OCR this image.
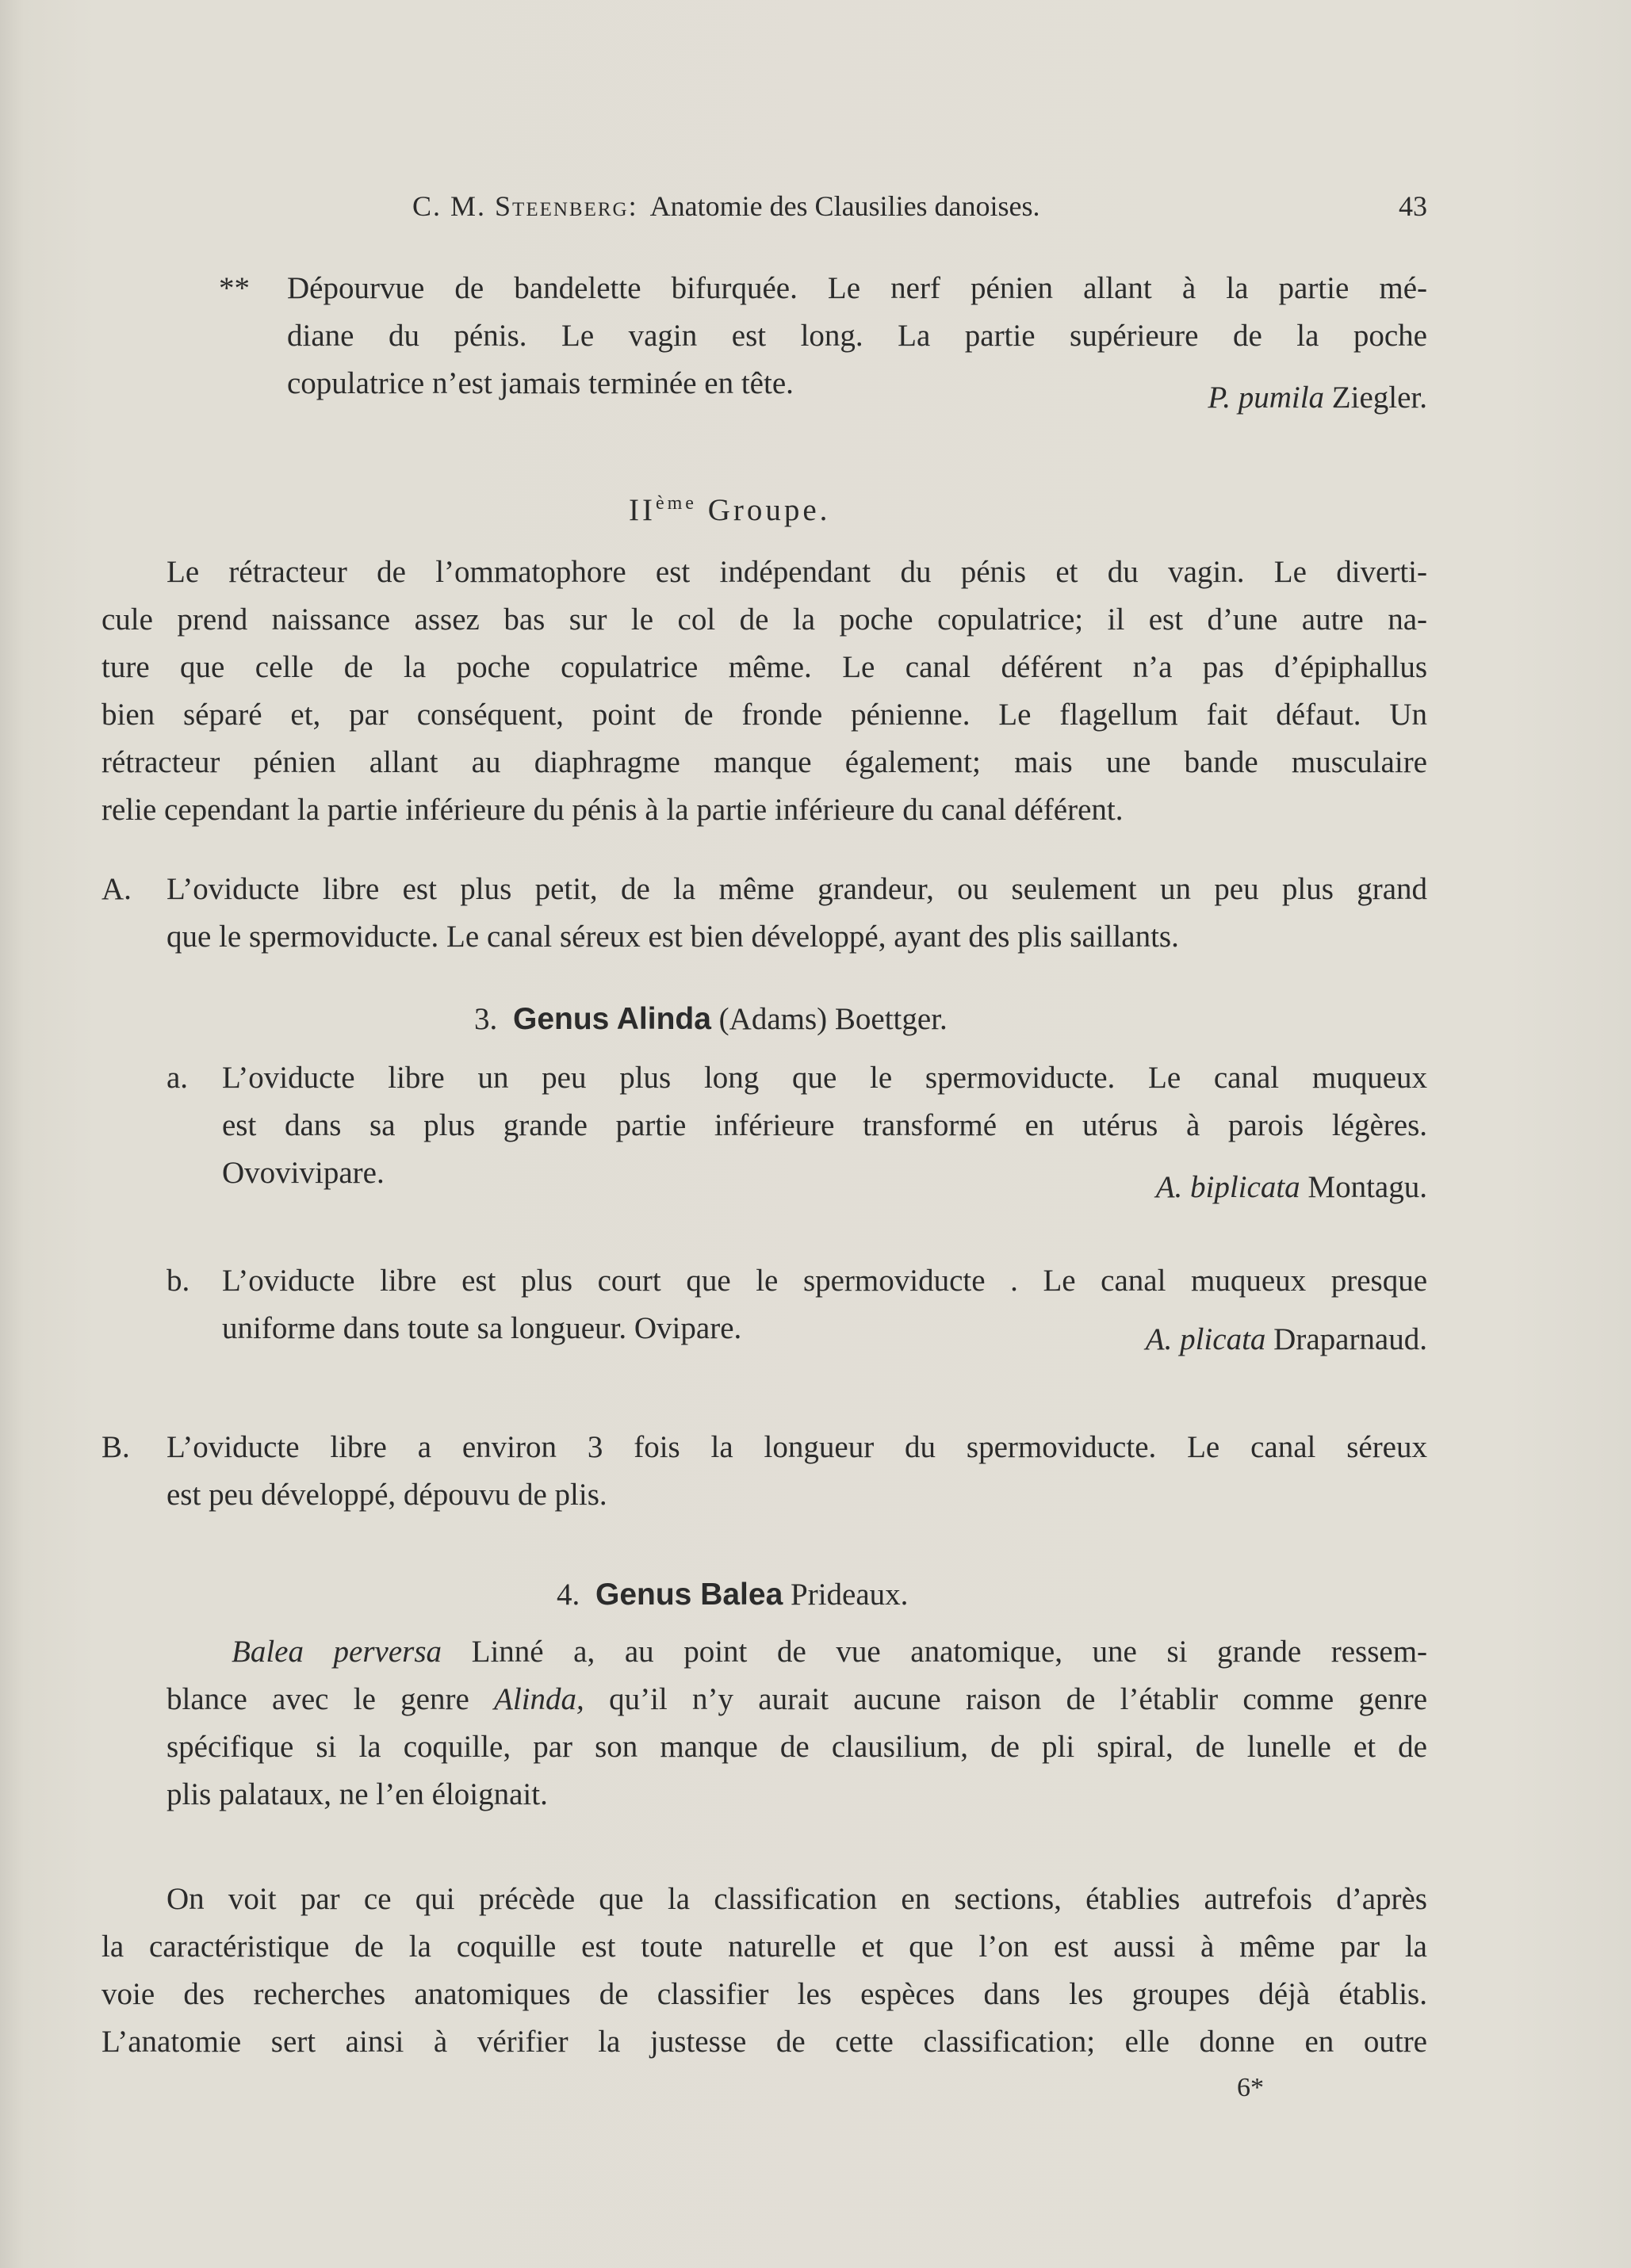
C. M. Steenberg: Anatomie des Clausilies danoises.	43
** Dépourvue de bandelette bifurquée. Le nerf pénien allant à la partie mé-
diane du pénis. Le vagin est long. La partie supérieure de la poche
copulatrice n’est jamais terminée en tête.	P. pumila Ziegler.
IIème Groupe.
Le rétracteur de l’ommatophore est indépendant du pénis et du vagin. Le diverti-
cule prend naissance assez bas sur le col de la poche copulatrice; il est d’une autre na-
ture que celle de la poche copulatrice même. Le canal déférent n’a pas d’épiphallus
bien séparé et, par conséquent, point de fronde pénienne. Le flagellum fait défaut. Un
rétracteur pénien allant au diaphragme manque également; mais une bande musculaire
relie cependant la partie inférieure du pénis à la partie inférieure du canal déférent.
A. L’oviducte libre est plus petit, de la même grandeur, ou seulement un peu plus grand
que le spermoviducte. Le canal séreux est bien développé, ayant des plis saillants.
3. Genus Alinda (Adams) Boettger.
a. L’oviducte libre un peu plus long que le spermoviducte. Le canal muqueux
est dans sa plus grande partie inférieure transformé en utérus à parois légères.
Ovovivipare.	A. biplicata Montagu.
b. L’oviducte libre est plus court que le spermoviducte . Le canal muqueux presque
uniforme dans toute sa longueur. Ovipare.	A. plicata Draparnaud.
B. L’oviducte libre a environ 3 fois la longueur du spermoviducte. Le canal séreux
est peu développé, dépouvu de plis.
4. Genus Balea Prideaux.
Balea perversa Linné a, au point de vue anatomique, une si grande ressem-
blance avec le genre Alinda, qu’il n’y aurait aucune raison de l’établir comme genre
spécifique si la coquille, par son manque de clausilium, de pli spiral, de lunelle et de
plis palataux, ne l’en éloignait.
On voit par ce qui précède que la classification en sections, établies autrefois d’après
la caractéristique de la coquille est toute naturelle et que l’on est aussi à même par la
voie des recherches anatomiques de classifier les espèces dans les groupes déjà établis.
L’anatomie sert ainsi à vérifier la justesse de cette classification; elle donne en outre
6*
